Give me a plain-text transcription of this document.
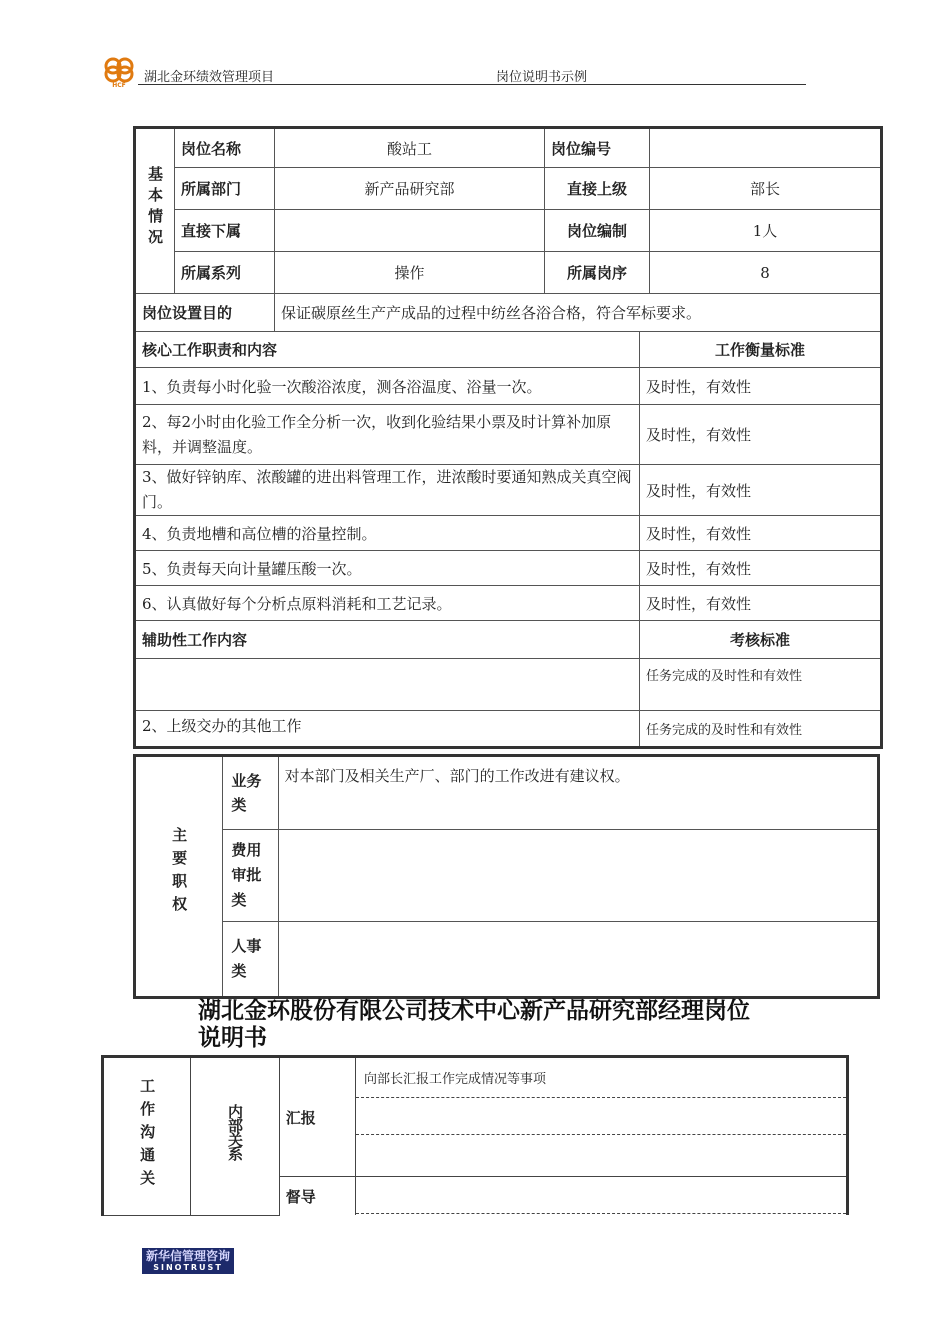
HCF
湖北金环绩效管理项目	岗位说明书示例
基本情况	岗位名称	酸站工	岗位编号		
	所属部门	新产品研究部	直接上级		部长
	直接下属		岗位编制		1人
	所属系列	操作	所属岗序		8
岗位设置目的		保证碳原丝生产产成品的过程中纺丝各浴合格，符合军标要求。			
核心工作职责和内容				工作衡量标准	
1、负责每小时化验一次酸浴浓度，测各浴温度、浴量一次。				及时性，有效性	
2、每2小时由化验工作全分析一次，收到化验结果小票及时计算补加原料，并调整温度。				及时性，有效性	
3、做好锌钠库、浓酸罐的进出料管理工作，进浓酸时要通知熟成关真空阀门。				及时性，有效性	
4、负责地槽和高位槽的浴量控制。				及时性，有效性	
5、负责每天向计量罐压酸一次。				及时性，有效性	
6、认真做好每个分析点原料消耗和工艺记录。				及时性，有效性	
辅助性工作内容				考核标准	
				任务完成的及时性和有效性	
2、上级交办的其他工作				任务完成的及时性和有效性	
主要职权	业务类	对本部门及相关生产厂、部门的工作改进有建议权。
	费用审批类	
	人事类	
湖北金环股份有限公司技术中心新产品研究部经理岗位说明书
工作沟通关	内部关系	汇报	向部长汇报工作完成情况等事项

		督导	
新华信管理咨询
SINOTRUST
